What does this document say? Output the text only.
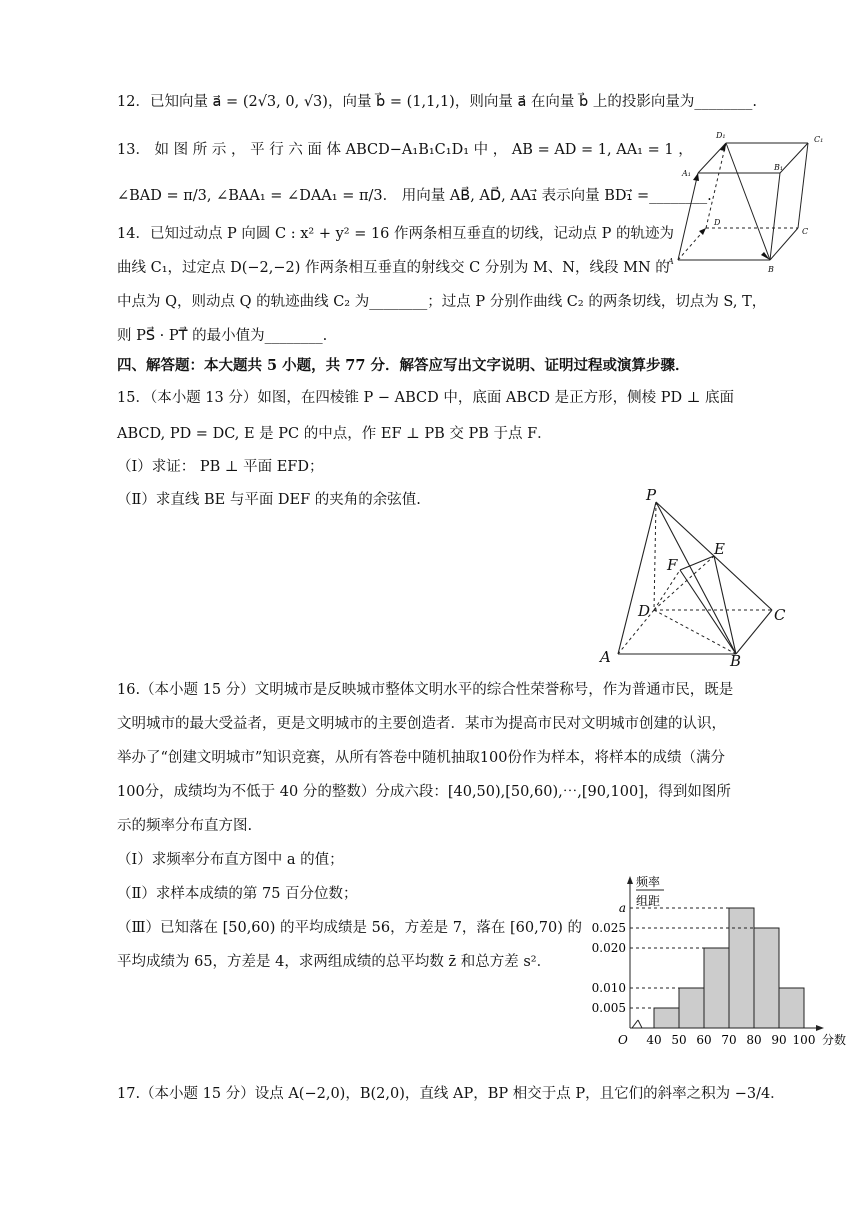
12．已知向量 a⃗ = (2√3, 0, √3)，向量 b⃗ = (1,1,1)，则向量 a⃗ 在向量 b⃗ 上的投影向量为________.
13． 如 图 所 示 ， 平 行 六 面 体 ABCD−A₁B₁C₁D₁ 中 ， AB = AD = 1, AA₁ = 1 ，
∠BAD = π/3, ∠BAA₁ = ∠DAA₁ = π/3． 用向量 AB⃗, AD⃗, AA₁⃗ 表示向量 BD₁⃗ =________.
D₁	C₁
A₁
B₁
D
C
A
B
14．已知过动点 P 向圆 C : x² + y² = 16 作两条相互垂直的切线，记动点 P 的轨迹为
曲线 C₁，过定点 D(−2,−2) 作两条相互垂直的射线交 C 分别为 M、N，线段 MN 的
中点为 Q，则动点 Q 的轨迹曲线 C₂ 为________；过点 P 分别作曲线 C₂ 的两条切线，切点为 S, T，
则 PS⃗ · PT⃗ 的最小值为________.
四、解答题：本大题共 5 小题，共 77 分．解答应写出文字说明、证明过程或演算步骤．
15．（本小题 13 分）如图，在四棱锥 P − ABCD 中，底面 ABCD 是正方形，侧棱 PD ⊥ 底面
ABCD, PD = DC, E 是 PC 的中点，作 EF ⊥ PB 交 PB 于点 F．
（Ⅰ）求证： PB ⊥ 平面 EFD；
（Ⅱ）求直线 BE 与平面 DEF 的夹角的余弦值.	P
E
F
D	C
A	B
16.（本小题 15 分）文明城市是反映城市整体文明水平的综合性荣誉称号，作为普通市民，既是
文明城市的最大受益者，更是文明城市的主要创造者．某市为提高市民对文明城市创建的认识，
举办了“创建文明城市”知识竞赛，从所有答卷中随机抽取100份作为样本，将样本的成绩（满分
100分，成绩均为不低于 40 分的整数）分成六段：[40,50),[50,60),⋯,[90,100]，得到如图所
示的频率分布直方图.
（Ⅰ）求频率分布直方图中 a 的值；
（Ⅱ）求样本成绩的第 75 百分位数；
（Ⅲ）已知落在 [50,60) 的平均成绩是 56，方差是 7，落在 [60,70) 的
平均成绩为 65，方差是 4，求两组成绩的总平均数 z̄ 和总方差 s²．
0.005
0.010
0.020
0.025
a
40 50 60 70 80 90 100
频率
组距
O	分数
17.（本小题 15 分）设点 A(−2,0)，B(2,0)，直线 AP，BP 相交于点 P，且它们的斜率之积为 −3/4．
